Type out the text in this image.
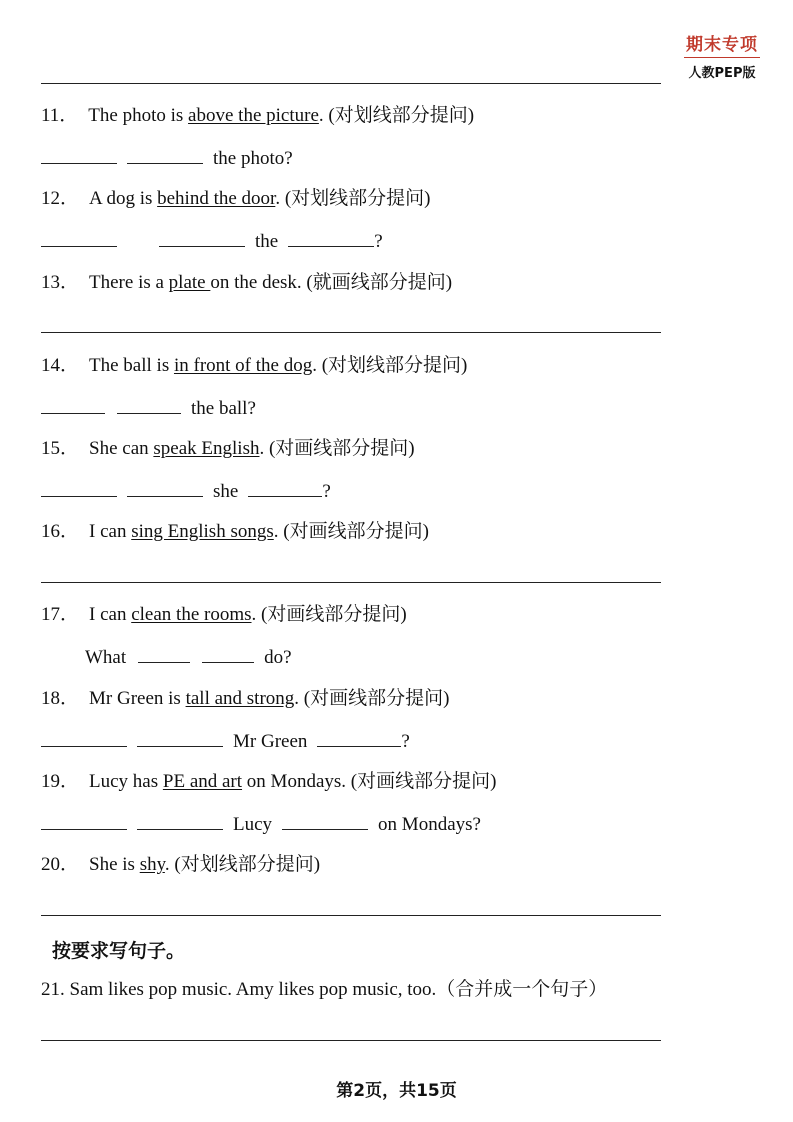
期末专项
人教PEP版
11． The photo is above the picture. (对划线部分提问)
the photo?
12． A dog is behind the door. (对划线部分提问)
the	?
13． There is a plate on the desk. (就画线部分提问)
14． The ball is in front of the dog. (对划线部分提问)
the ball?
15． She can speak English. (对画线部分提问)
she	?
16． I can sing English songs. (对画线部分提问)
17． I can clean the rooms. (对画线部分提问)
What	do?
18． Mr Green is tall and strong. (对画线部分提问)
Mr Green	?
19． Lucy has PE and art on Mondays. (对画线部分提问)
Lucy	on Mondays?
20． She is shy. (对划线部分提问)
按要求写句子。
21. Sam likes pop music. Amy likes pop music, too.（合并成一个句子）
第2页，共15页
